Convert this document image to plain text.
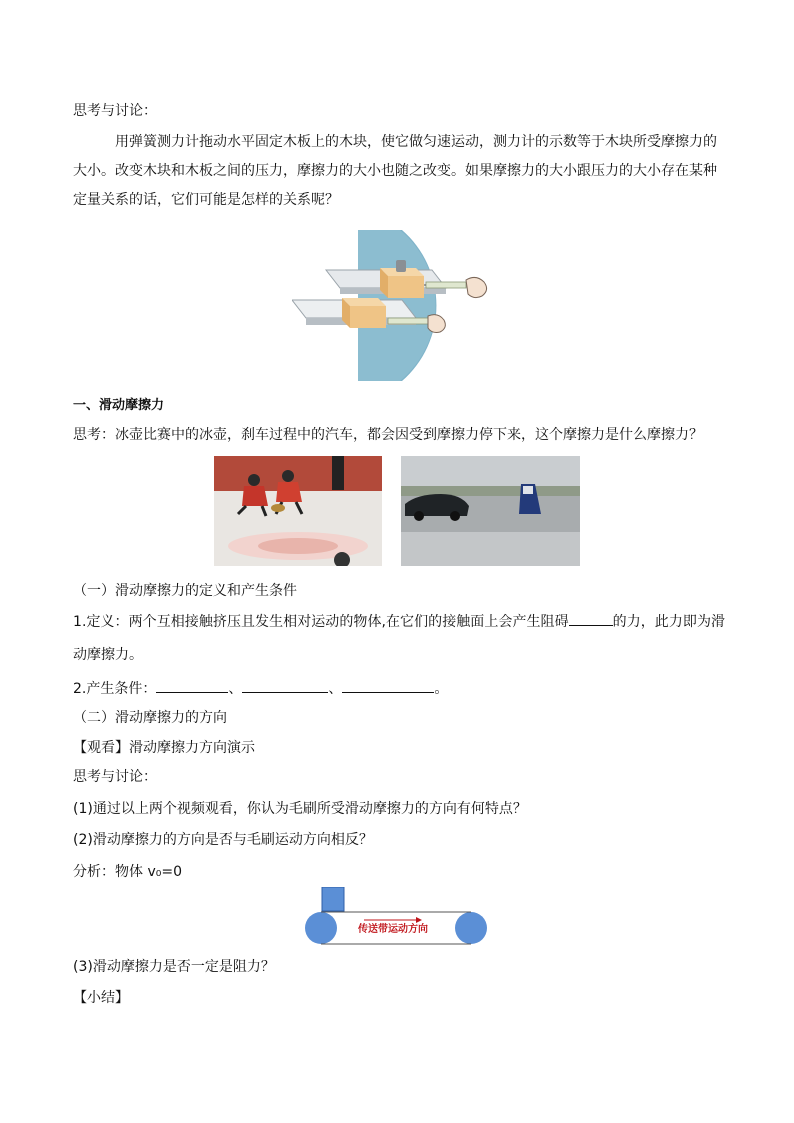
思考与讨论：
用弹簧测力计拖动水平固定木板上的木块，使它做匀速运动，测力计的示数等于木块所受摩擦力的大小。改变木块和木板之间的压力，摩擦力的大小也随之改变。如果摩擦力的大小跟压力的大小存在某种定量关系的话，它们可能是怎样的关系呢？
一、滑动摩擦力
思考：冰壶比赛中的冰壶，刹车过程中的汽车，都会因受到摩擦力停下来，这个摩擦力是什么摩擦力？
（一）滑动摩擦力的定义和产生条件
1.定义：两个互相接触挤压且发生相对运动的物体,在它们的接触面上会产生阻碍	的力，此力即为滑
动摩擦力。
2.产生条件：	、	、	。
（二）滑动摩擦力的方向
【观看】滑动摩擦力方向演示
思考与讨论：
(1)通过以上两个视频观看，你认为毛刷所受滑动摩擦力的方向有何特点？
(2)滑动摩擦力的方向是否与毛刷运动方向相反？
分析：物体 v₀=0
传送带运动方向
(3)滑动摩擦力是否一定是阻力？
【小结】
